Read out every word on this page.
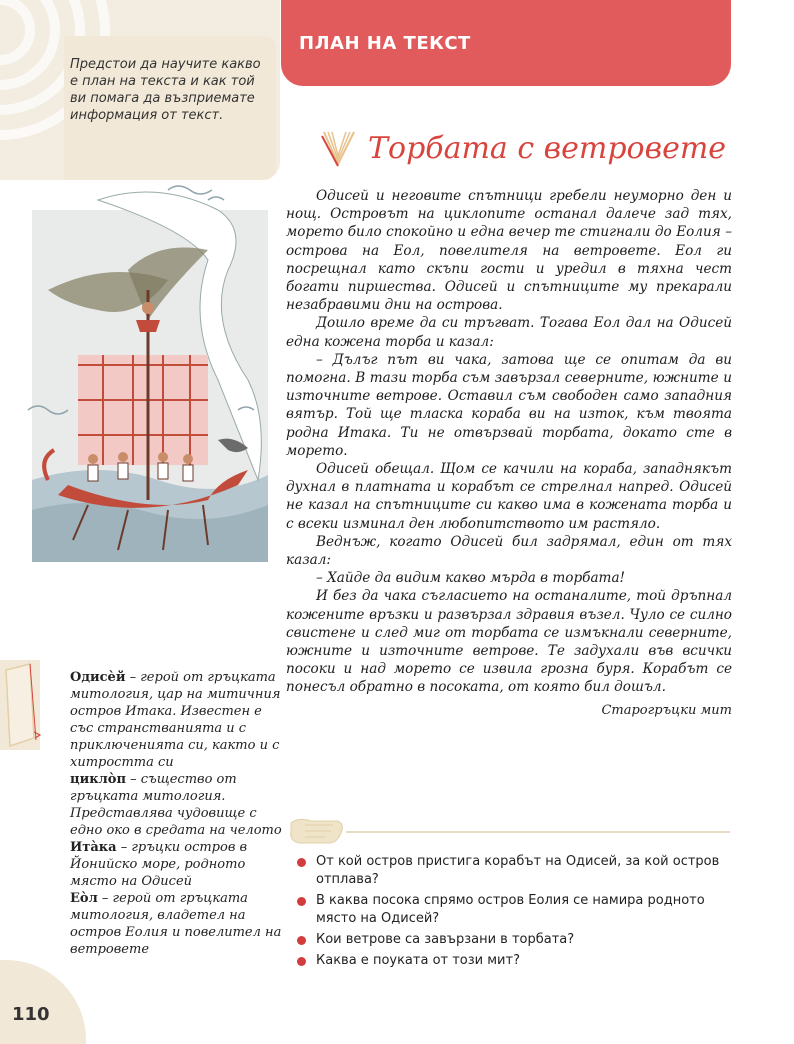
Предстои да научите какво е план на текста и как той ви помага да възприемате информация от текст.

ПЛАН НА ТЕКСТ
Торбата с ветровете

Одисей и неговите спътници гребели неуморно ден и нощ. Островът на циклопите останал далече зад тях, морето било спокойно и една вечер те стигнали до Еолия – острова на Еол, повелителя на ветровете. Еол ги посрещнал като скъпи гости и уредил в тяхна чест богати пиршества. Одисей и спътниците му прекарали незабравими дни на острова.

Дошло време да си тръгват. Тогава Еол дал на Одисей една кожена торба и казал:

– Дълъг път ви чака, затова ще се опитам да ви помогна. В тази торба съм завързал северните, южните и източните ветрове. Оставил съм свободен само западния вятър. Той ще тласка кораба ви на изток, към твоята родна Итака. Ти не отвързвай торбата, докато сте в морето.

Одисей обещал. Щом се качили на кораба, западнякът духнал в платната и корабът се стрелнал напред. Одисей не казал на спътниците си какво има в кожената торба и с всеки изминал ден любопитството им растяло.

Веднъж, когато Одисей бил задрямал, един от тях казал:

– Хайде да видим какво мърда в торбата!

И без да чака съгласието на останалите, той дръпнал кожените връзки и развързал здравия възел. Чуло се силно свистене и след миг от торбата се измъкнали северните, южните и източните ветрове. Те задухали във всички посоки и над морето се извила грозна буря. Корабът се понесъл обратно в посоката, от която бил дошъл.

Старогръцки мит
Одисѐй – герой от гръцката митология, цар на митичния остров Итака. Известен е със странстванията и с приключенията си, както и с хитростта си
циклòп – същество от гръцката митология. Представлява чудовище с едно око в средата на челото
Итàка – гръцки остров в Йонийско море, родното място на Одисей
Еòл – герой от гръцката митология, владетел на остров Еолия и повелител на ветровете
110
От кой остров пристига корабът на Одисей, за кой остров отплава?
В каква посока спрямо остров Еолия се намира родното място на Одисей?
Кои ветрове са завързани в торбата?
Каква е поуката от този мит?
